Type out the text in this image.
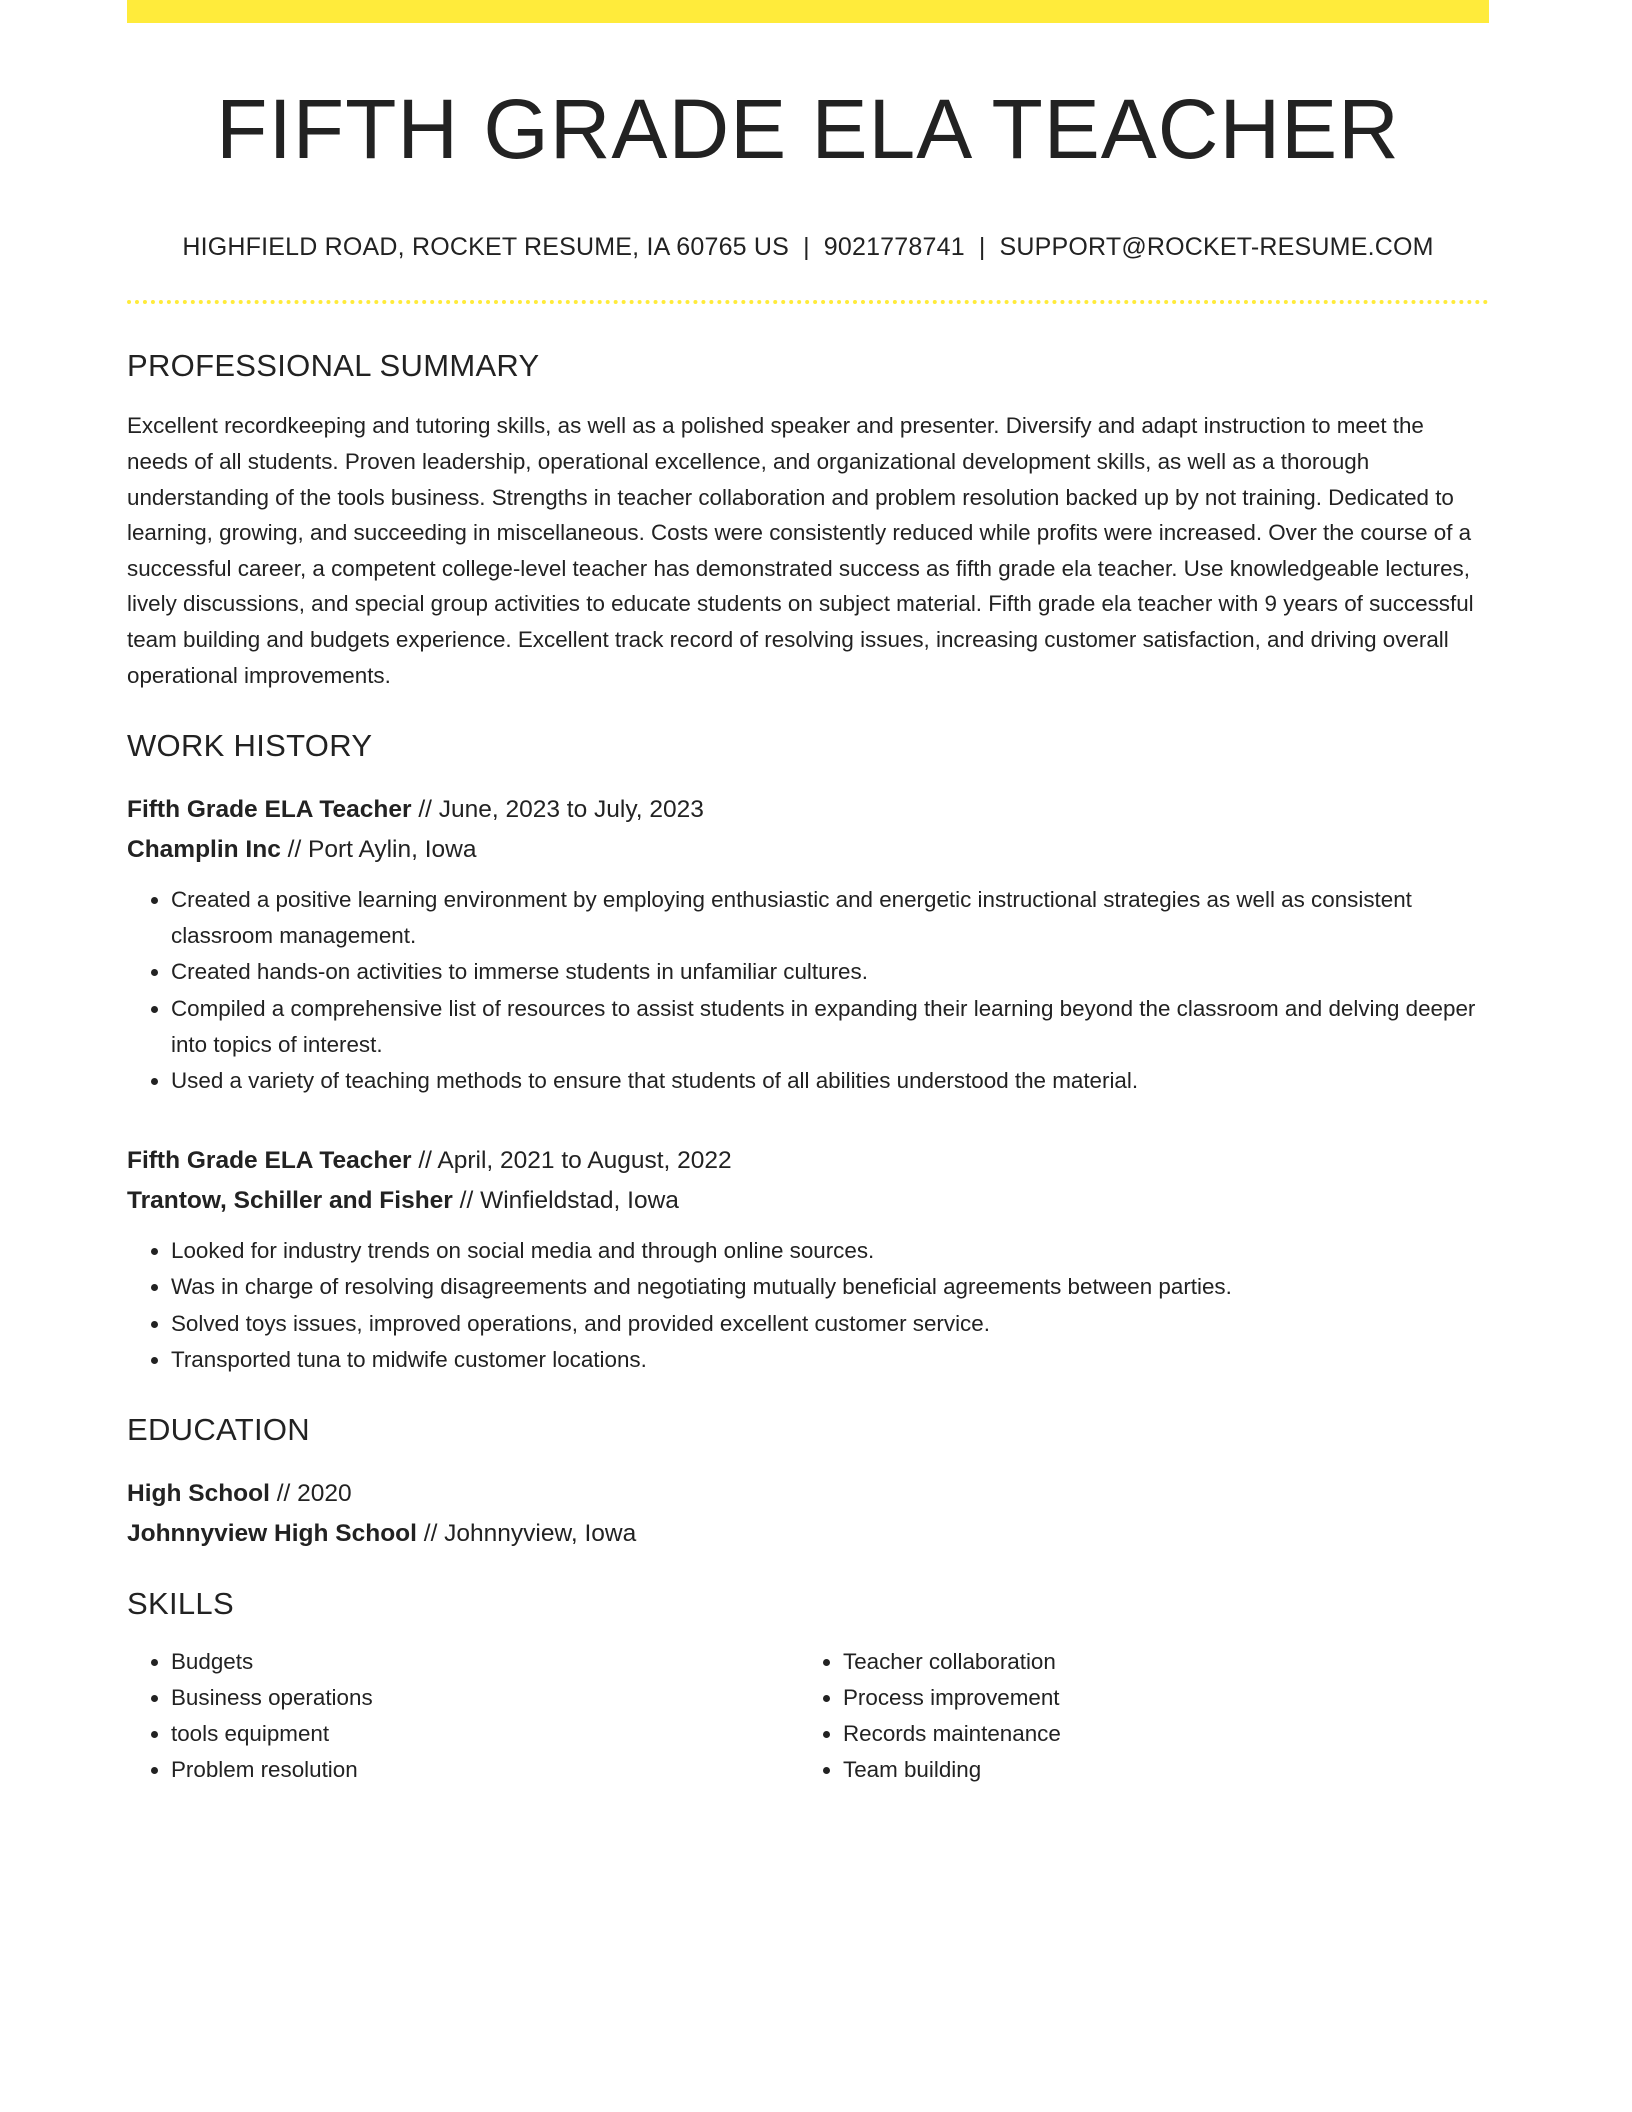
FIFTH GRADE ELA TEACHER
HIGHFIELD ROAD, ROCKET RESUME, IA 60765 US | 9021778741 | SUPPORT@ROCKET-RESUME.COM
PROFESSIONAL SUMMARY

Excellent recordkeeping and tutoring skills, as well as a polished speaker and presenter. Diversify and adapt instruction to meet the needs of all students. Proven leadership, operational excellence, and organizational development skills, as well as a thorough understanding of the tools business. Strengths in teacher collaboration and problem resolution backed up by not training. Dedicated to learning, growing, and succeeding in miscellaneous. Costs were consistently reduced while profits were increased. Over the course of a successful career, a competent college-level teacher has demonstrated success as fifth grade ela teacher. Use knowledgeable lectures, lively discussions, and special group activities to educate students on subject material. Fifth grade ela teacher with 9 years of successful team building and budgets experience. Excellent track record of resolving issues, increasing customer satisfaction, and driving overall operational improvements.

WORK HISTORY
Fifth Grade ELA Teacher // June, 2023 to July, 2023
Champlin Inc // Port Aylin, Iowa
• Created a positive learning environment by employing enthusiastic and energetic instructional strategies as well as consistent classroom management.
• Created hands-on activities to immerse students in unfamiliar cultures.
• Compiled a comprehensive list of resources to assist students in expanding their learning beyond the classroom and delving deeper into topics of interest.
• Used a variety of teaching methods to ensure that students of all abilities understood the material.
Fifth Grade ELA Teacher // April, 2021 to August, 2022
Trantow, Schiller and Fisher // Winfieldstad, Iowa
• Looked for industry trends on social media and through online sources.
• Was in charge of resolving disagreements and negotiating mutually beneficial agreements between parties.
• Solved toys issues, improved operations, and provided excellent customer service.
• Transported tuna to midwife customer locations.
EDUCATION
High School // 2020
Johnnyview High School // Johnnyview, Iowa
SKILLS
• Budgets
• Business operations
• tools equipment
• Problem resolution
• Teacher collaboration
• Process improvement
• Records maintenance
• Team building
